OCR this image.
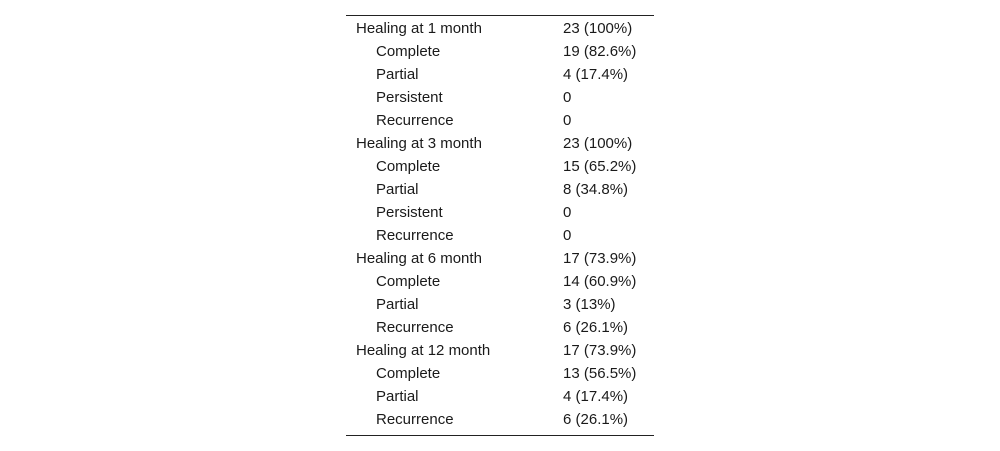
Healing at 1 month	23 (100%)
Complete	19 (82.6%)
Partial	4 (17.4%)
Persistent	0
Recurrence	0
Healing at 3 month	23 (100%)
Complete	15 (65.2%)
Partial	8 (34.8%)
Persistent	0
Recurrence	0
Healing at 6 month	17 (73.9%)
Complete	14 (60.9%)
Partial	3 (13%)
Recurrence	6 (26.1%)
Healing at 12 month	17 (73.9%)
Complete	13 (56.5%)
Partial	4 (17.4%)
Recurrence	6 (26.1%)
